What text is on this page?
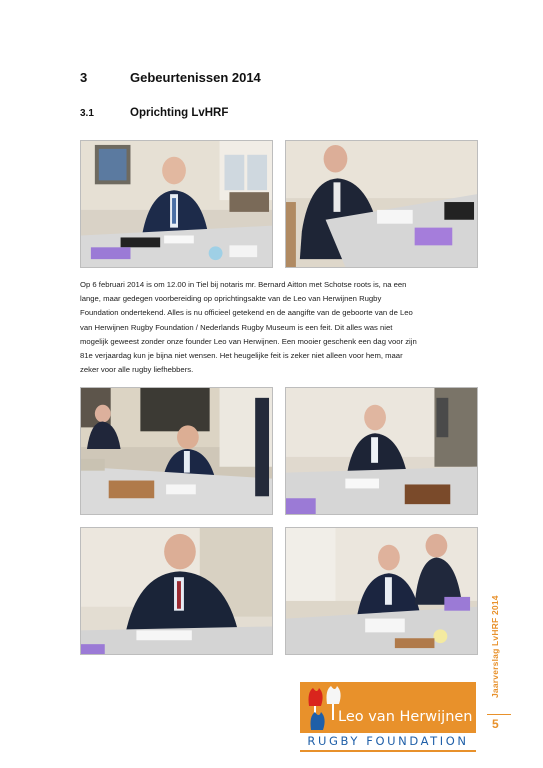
3	Gebeurtenissen 2014
3.1	Oprichting LvHRF
Op 6 februari 2014 is om 12.00 in Tiel bij notaris mr. Bernard Aitton met Schotse roots is, na een
lange, maar gedegen voorbereiding op oprichtingsakte van de Leo van Herwijnen Rugby
Foundation ondertekend. Alles is nu officieel getekend en de aangifte van de geboorte van de Leo
van Herwijnen Rugby Foundation / Nederlands Rugby Museum is een feit. Dit alles was niet
mogelijk geweest zonder onze founder Leo van Herwijnen. Een mooier geschenk een dag voor zijn
81e verjaardag kun je bijna niet wensen. Het heugelijke feit is zeker niet alleen voor hem, maar
zeker voor alle rugby liefhebbers.
Jaarverslag LvHRF 2014
5
Leo van Herwijnen
RUGBY FOUNDATION
